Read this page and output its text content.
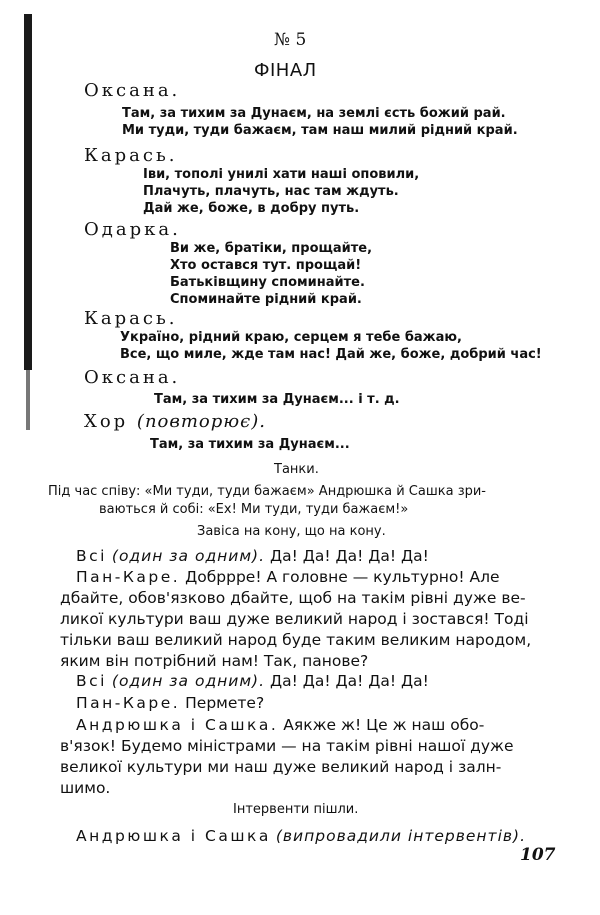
№ 5
ФІНАЛ
Оксана.
Там, за тихим за Дунаєм, на землі єсть божий рай.
Ми туди, туди бажаєм, там наш милий рідний край.
Карась.
Іви, тополі унилі хати наші оповили,
Плачуть, плачуть, нас там ждуть.
Дай же, боже, в добру путь.
Одарка.
Ви же, братіки, прощайте,
Хто остався тут. прощай!
Батьківщину споминайте.
Споминайте рідний край.
Карась.
Україно, рідний краю, серцем я тебе бажаю,
Все, що миле, жде там нас! Дай же, боже, добрий час!
Оксана.
Там, за тихим за Дунаєм... і т. д.
Хор (повторює).
Там, за тихим за Дунаєм...
Танки.
Під час співу: «Ми туди, туди бажаєм» Андрюшка й Сашка зри-
ваються й собі: «Ех! Ми туди, туди бажаєм!»
Завіса на кону, що на кону.
Всі (один за одним). Да! Да! Да! Да! Да!
Пан-Каре. Добррре! А головне — культурно! Але
дбайте, обов'язково дбайте, щоб на такім рівні дуже ве-
ликої культури ваш дуже великий народ і зостався! Тоді
тільки ваш великий народ буде таким великим народом,
яким він потрібний нам! Так, панове?
Всі (один за одним). Да! Да! Да! Да! Да!
Пан-Каре. Пермете?
Андрюшка і Сашка. Аякже ж! Це ж наш обо-
в'язок! Будемо міністрами — на такім рівні нашої дуже
великої культури ми наш дуже великий народ і залн-
шимо.
Інтервенти пішли.
Андрюшка і Сашка (випровадили інтервентів).
107
